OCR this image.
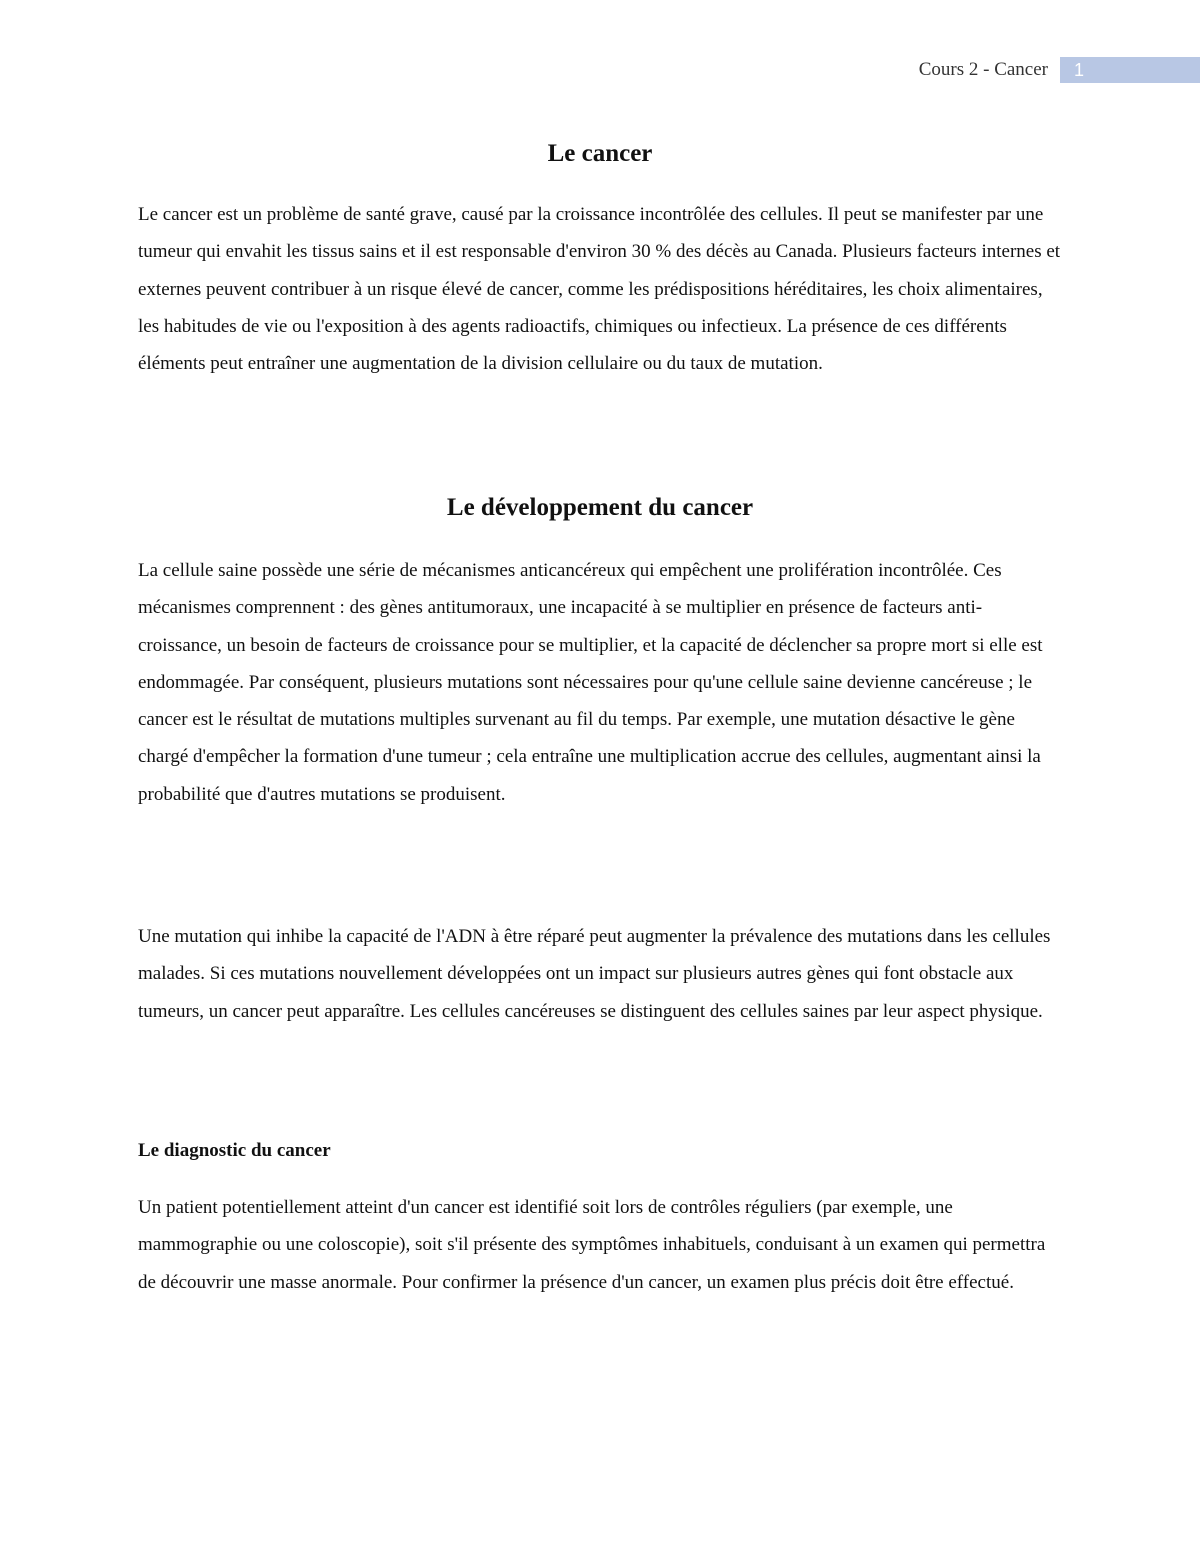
Cours 2 - Cancer 1
Le cancer

Le cancer est un problème de santé grave, causé par la croissance incontrôlée des cellules. Il peut se manifester par une tumeur qui envahit les tissus sains et il est responsable d'environ 30 % des décès au Canada. Plusieurs facteurs internes et externes peuvent contribuer à un risque élevé de cancer, comme les prédispositions héréditaires, les choix alimentaires, les habitudes de vie ou l'exposition à des agents radioactifs, chimiques ou infectieux. La présence de ces différents éléments peut entraîner une augmentation de la division cellulaire ou du taux de mutation.

Le développement du cancer

La cellule saine possède une série de mécanismes anticancéreux qui empêchent une prolifération incontrôlée. Ces mécanismes comprennent : des gènes antitumoraux, une incapacité à se multiplier en présence de facteurs anti-croissance, un besoin de facteurs de croissance pour se multiplier, et la capacité de déclencher sa propre mort si elle est endommagée. Par conséquent, plusieurs mutations sont nécessaires pour qu'une cellule saine devienne cancéreuse ; le cancer est le résultat de mutations multiples survenant au fil du temps. Par exemple, une mutation désactive le gène chargé d'empêcher la formation d'une tumeur ; cela entraîne une multiplication accrue des cellules, augmentant ainsi la probabilité que d'autres mutations se produisent.

Une mutation qui inhibe la capacité de l'ADN à être réparé peut augmenter la prévalence des mutations dans les cellules malades. Si ces mutations nouvellement développées ont un impact sur plusieurs autres gènes qui font obstacle aux tumeurs, un cancer peut apparaître. Les cellules cancéreuses se distinguent des cellules saines par leur aspect physique.

Le diagnostic du cancer

Un patient potentiellement atteint d'un cancer est identifié soit lors de contrôles réguliers (par exemple, une mammographie ou une coloscopie), soit s'il présente des symptômes inhabituels, conduisant à un examen qui permettra de découvrir une masse anormale. Pour confirmer la présence d'un cancer, un examen plus précis doit être effectué.
